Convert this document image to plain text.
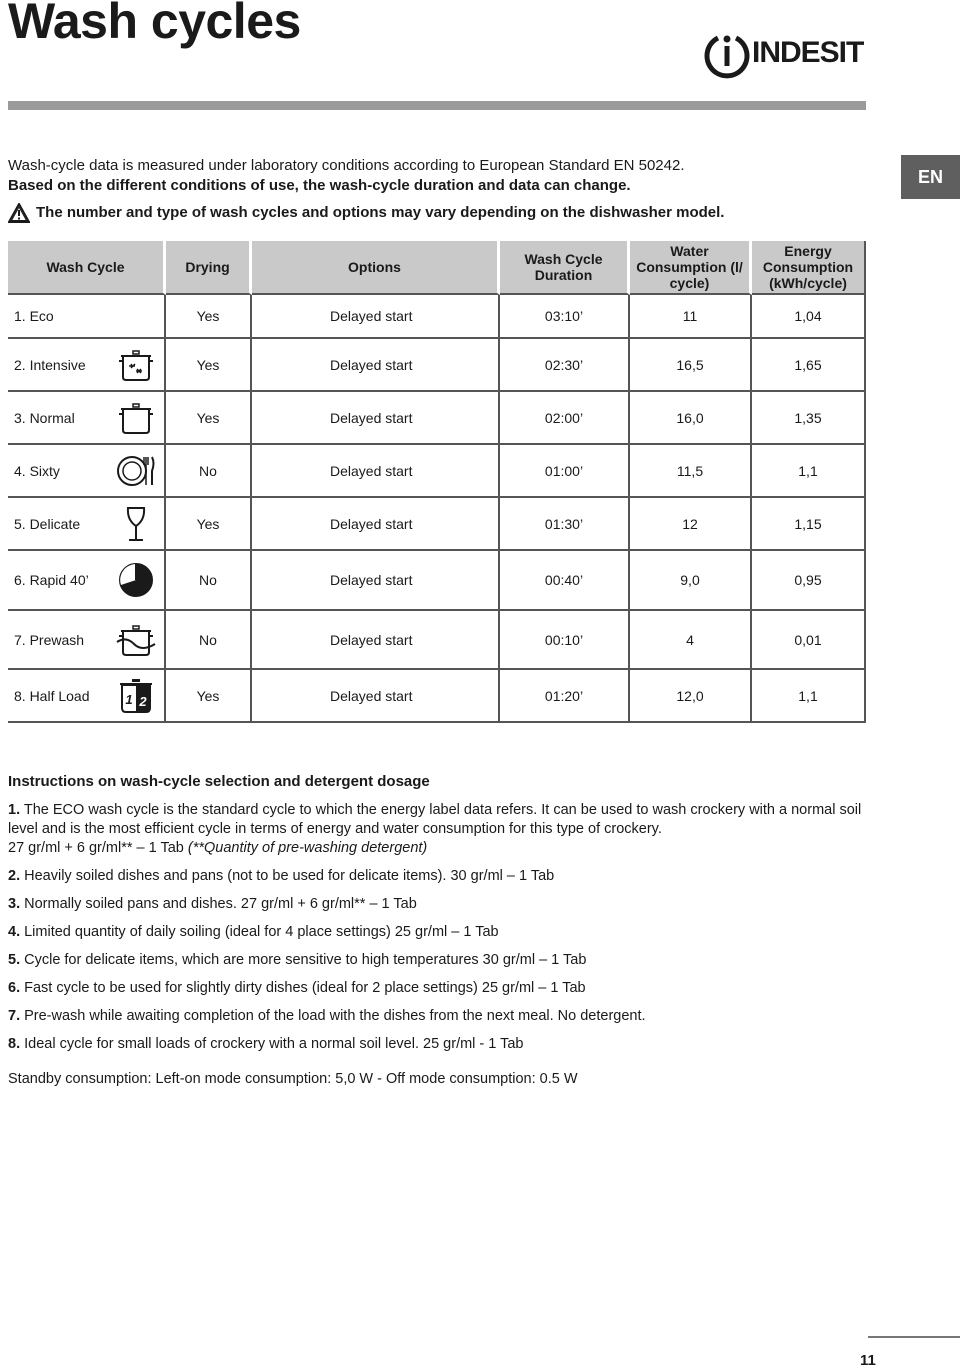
Wash cycles
INDESIT
EN
Wash-cycle data is measured under laboratory conditions according to European Standard EN 50242.
Based on the different conditions of use, the wash-cycle duration and data can change.
The number and type of wash cycles and options may vary depending on the dishwasher model.
Wash Cycle	Drying	Options	Wash Cycle Duration	Water Consumption (l/ cycle)	Energy Consumption (kWh/cycle)
1. Eco	Yes	Delayed start	03:10’	11	1,04
2. Intensive	Yes	Delayed start	02:30’	16,5	1,65
3. Normal	Yes	Delayed start	02:00’	16,0	1,35
4. Sixty	No	Delayed start	01:00’	11,5	1,1
5. Delicate	Yes	Delayed start	01:30’	12	1,15
6. Rapid 40’	No	Delayed start	00:40’	9,0	0,95
7. Prewash	No	Delayed start	00:10’	4	0,01
8. Half Load 1 2	Yes	Delayed start	01:20’	12,0	1,1
Instructions on wash-cycle selection and detergent dosage

1. The ECO wash cycle is the standard cycle to which the energy label data refers. It can be used to wash crockery with a normal soil level and is the most efficient cycle in terms of energy and water consumption for this type of crockery.
27 gr/ml + 6 gr/ml** – 1 Tab (**Quantity of pre-washing detergent)

2. Heavily soiled dishes and pans (not to be used for delicate items). 30 gr/ml – 1 Tab

3. Normally soiled pans and dishes. 27 gr/ml + 6 gr/ml** – 1 Tab

4. Limited quantity of daily soiling (ideal for 4 place settings) 25 gr/ml – 1 Tab

5. Cycle for delicate items, which are more sensitive to high temperatures 30 gr/ml – 1 Tab

6. Fast cycle to be used for slightly dirty dishes (ideal for 2 place settings) 25 gr/ml – 1 Tab

7. Pre-wash while awaiting completion of the load with the dishes from the next meal. No detergent.

8. Ideal cycle for small loads of crockery with a normal soil level. 25 gr/ml - 1 Tab

Standby consumption: Left-on mode consumption: 5,0 W - Off mode consumption: 0.5 W
11
